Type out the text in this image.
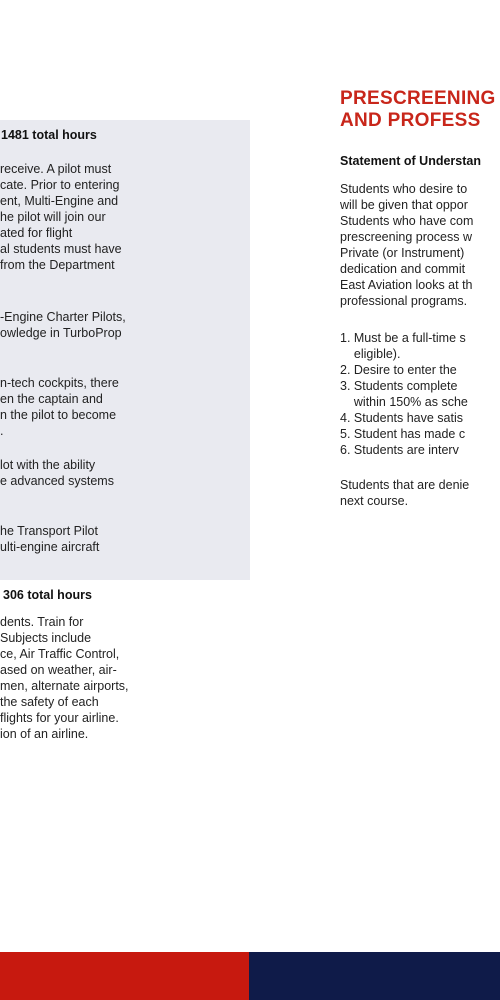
1481 total hours

receive. A pilot must
cate. Prior to entering
ent, Multi-Engine and
he pilot will join our
ated for flight
al students must have
from the Department

-Engine Charter Pilots,
owledge in TurboProp

n-tech cockpits, there
en the captain and
n the pilot to become
.

lot with the ability
e advanced systems

he Transport Pilot
ulti-engine aircraft

306 total hours

dents. Train for
Subjects include
ce, Air Traffic Control,
ased on weather, air-
men, alternate airports,
the safety of each
flights for your airline.
ion of an airline.

PRESCREENING
AND PROFESS
Statement of Understan

Students who desire to
will be given that oppor
Students who have com
prescreening process w
Private (or Instrument)
dedication and commit
East Aviation looks at th
professional programs.

1. Must be a full-time s
eligible).
2. Desire to enter the
3. Students complete
within 150% as sche
4. Students have satis
5. Student has made c
6. Students are interv

Students that are denie
next course.
